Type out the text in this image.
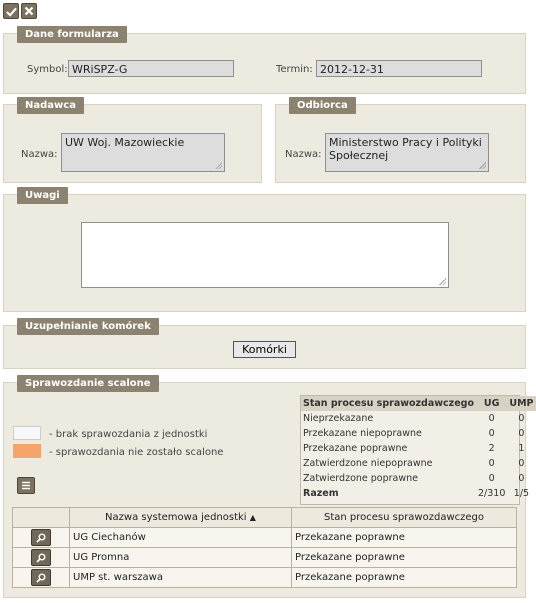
Dane formularza
Symbol: WRiSPZ-G	Termin: 2012-12-31
Nadawca
Nazwa:
UW Woj. Mazowieckie
Odbiorca
Nazwa:
Ministerstwo Pracy i Polityki
Społecznej
Uwagi
Uzupełnianie komórek
Komórki
Sprawozdanie scalone
- brak sprawozdania z jednostki
- sprawozdania nie zostało scalone
Stan procesu sprawozdawczego	UG	UMP
Nieprzekazane	0	0
Przekazane niepoprawne	0	0
Przekazane poprawne	2	1
Zatwierdzone niepoprawne	0	0
Zatwierdzone poprawne	0	0
Razem	2/310	1/5
	Nazwa systemowa jednostki ▲	Stan procesu sprawozdawczego

	UG Ciechanów	Przekazane poprawne

	UG Promna	Przekazane poprawne

	UMP st. warszawa	Przekazane poprawne
